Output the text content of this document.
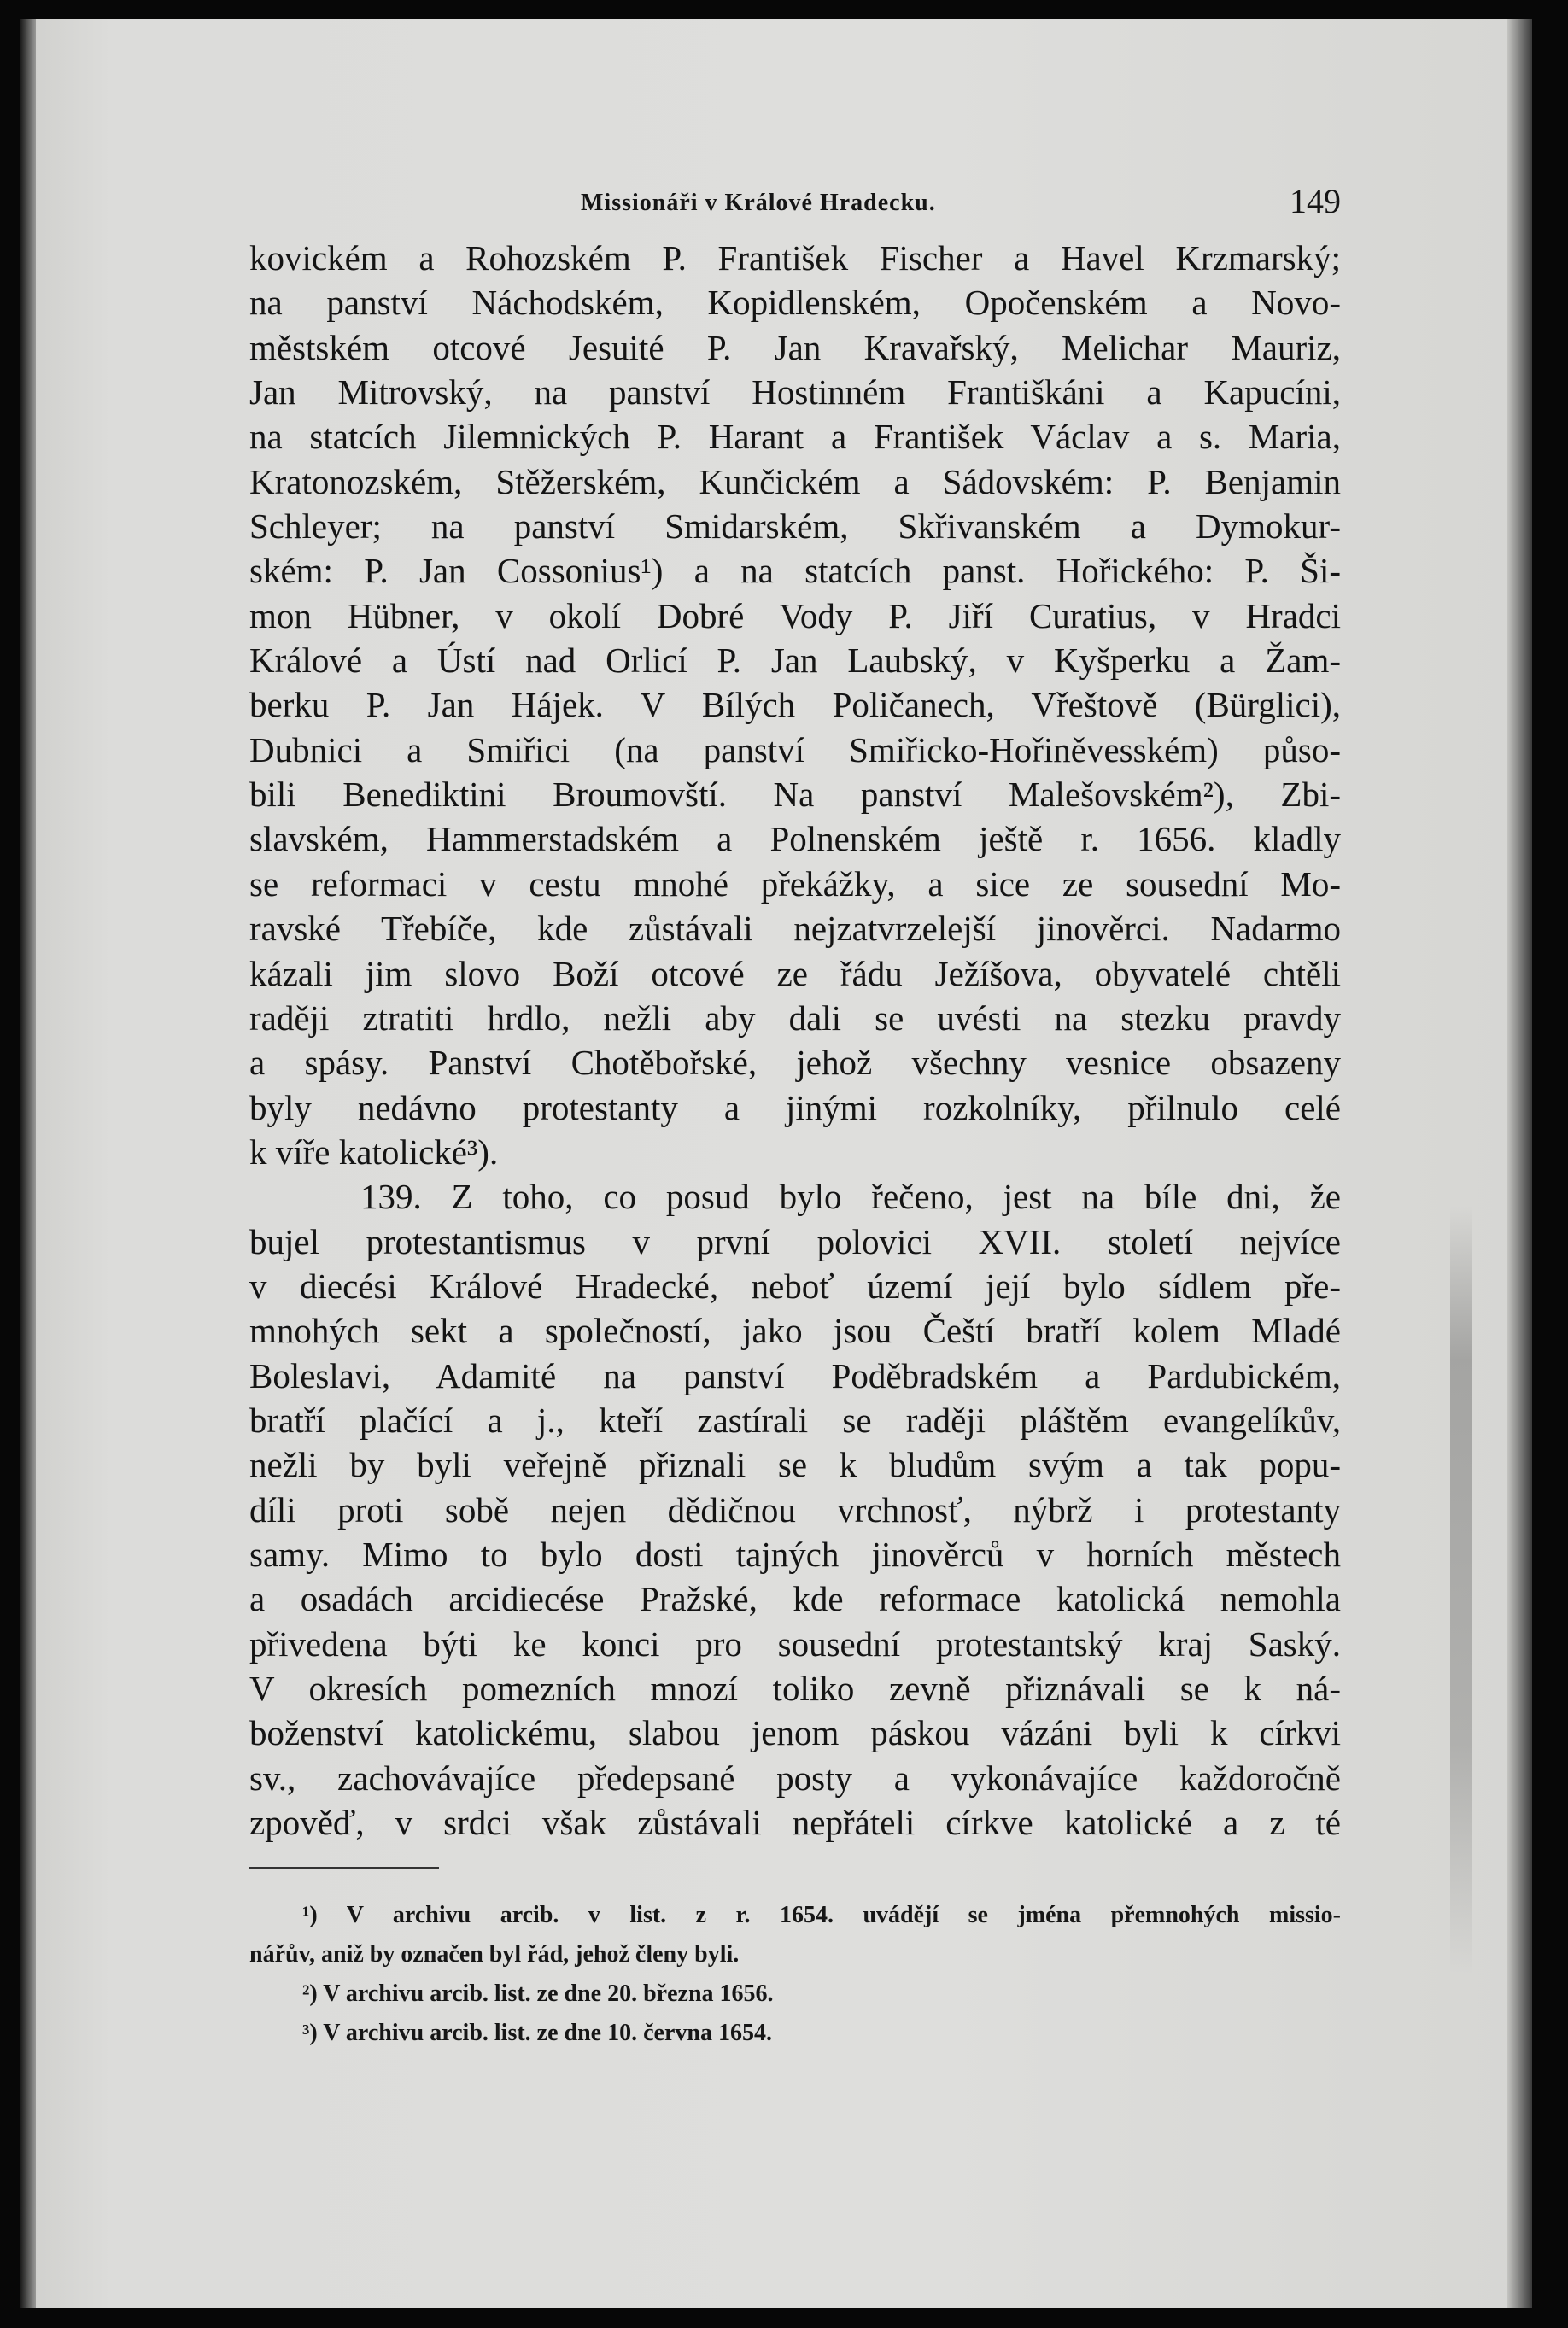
Missionáři v Králové Hradecku.	149
kovickém a Rohozském P. František Fischer a Havel Krzmarský;
na panství Náchodském, Kopidlenském, Opočenském a Novo-
městském otcové Jesuité P. Jan Kravařský, Melichar Mauriz,
Jan Mitrovský, na panství Hostinném Františkáni a Kapucíni,
na statcích Jilemnických P. Harant a František Václav a s. Maria,
Kratonozském, Stěžerském, Kunčickém a Sádovském: P. Benjamin
Schleyer; na panství Smidarském, Skřivanském a Dymokur-
ském: P. Jan Cossonius¹) a na statcích panst. Hořického: P. Ši-
mon Hübner, v okolí Dobré Vody P. Jiří Curatius, v Hradci
Králové a Ústí nad Orlicí P. Jan Laubský, v Kyšperku a Žam-
berku P. Jan Hájek. V Bílých Poličanech, Vřeštově (Bürglici),
Dubnici a Smiřici (na panství Smiřicko-Hořiněvesském) půso-
bili Benediktini Broumovští. Na panství Malešovském²), Zbi-
slavském, Hammerstadském a Polnenském ještě r. 1656. kladly
se reformaci v cestu mnohé překážky, a sice ze sousední Mo-
ravské Třebíče, kde zůstávali nejzatvrzelejší jinověrci. Nadarmo
kázali jim slovo Boží otcové ze řádu Ježíšova, obyvatelé chtěli
raději ztratiti hrdlo, nežli aby dali se uvésti na stezku pravdy
a spásy. Panství Chotěbořské, jehož všechny vesnice obsazeny
byly nedávno protestanty a jinými rozkolníky, přilnulo celé
k víře katolické³).
139. Z toho, co posud bylo řečeno, jest na bíle dni, že
bujel protestantismus v první polovici XVII. století nejvíce
v diecési Králové Hradecké, neboť území její bylo sídlem pře-
mnohých sekt a společností, jako jsou Čeští bratří kolem Mladé
Boleslavi, Adamité na panství Poděbradském a Pardubickém,
bratří plačící a j., kteří zastírali se raději pláštěm evangelíkův,
nežli by byli veřejně přiznali se k bludům svým a tak popu-
díli proti sobě nejen dědičnou vrchnosť, nýbrž i protestanty
samy. Mimo to bylo dosti tajných jinověrců v horních městech
a osadách arcidiecése Pražské, kde reformace katolická nemohla
přivedena býti ke konci pro sousední protestantský kraj Saský.
V okresích pomezních mnozí toliko zevně přiznávali se k ná-
boženství katolickému, slabou jenom páskou vázáni byli k církvi
sv., zachovávajíce předepsané posty a vykonávajíce každoročně
zpověď, v srdci však zůstávali nepřáteli církve katolické a z té
¹) V archivu arcib. v list. z r. 1654. uvádějí se jména přemnohých missio-
nářův, aniž by označen byl řád, jehož členy byli.
²) V archivu arcib. list. ze dne 20. března 1656.
³) V archivu arcib. list. ze dne 10. června 1654.
